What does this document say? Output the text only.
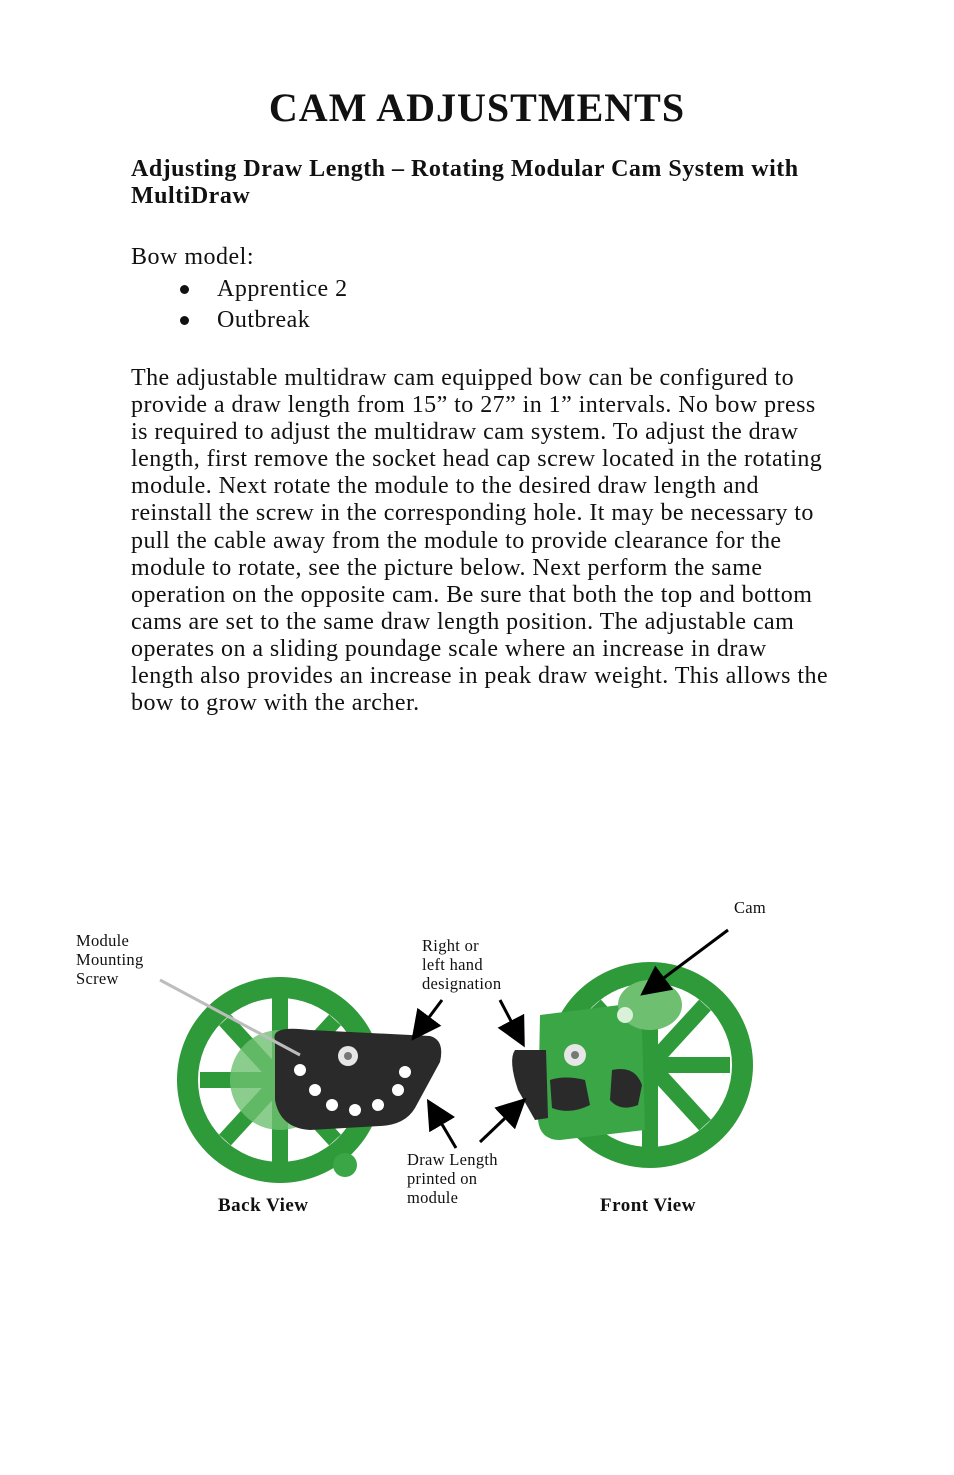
CAM ADJUSTMENTS
Adjusting Draw Length – Rotating Modular Cam System with MultiDraw

Bow model:

Apprentice 2
Outbreak

The adjustable multidraw cam equipped bow can be configured to provide a draw length from 15” to 27” in 1” intervals. No bow press is required to adjust the multidraw cam system. To adjust the draw length, first remove the socket head cap screw located in the rotating module. Next rotate the module to the desired draw length and reinstall the screw in the corresponding hole. It may be necessary to pull the cable away from the module to provide clearance for the module to rotate, see the picture below. Next perform the same operation on the opposite cam. Be sure that both the top and bottom cams are set to the same draw length position. The adjustable cam operates on a sliding poundage scale where an increase in draw length also provides an increase in peak draw weight. This allows the bow to grow with the archer.

Module
Mounting
Screw
Right or
left hand
designation
Cam
Draw Length
printed on
module
Back View	Front View
